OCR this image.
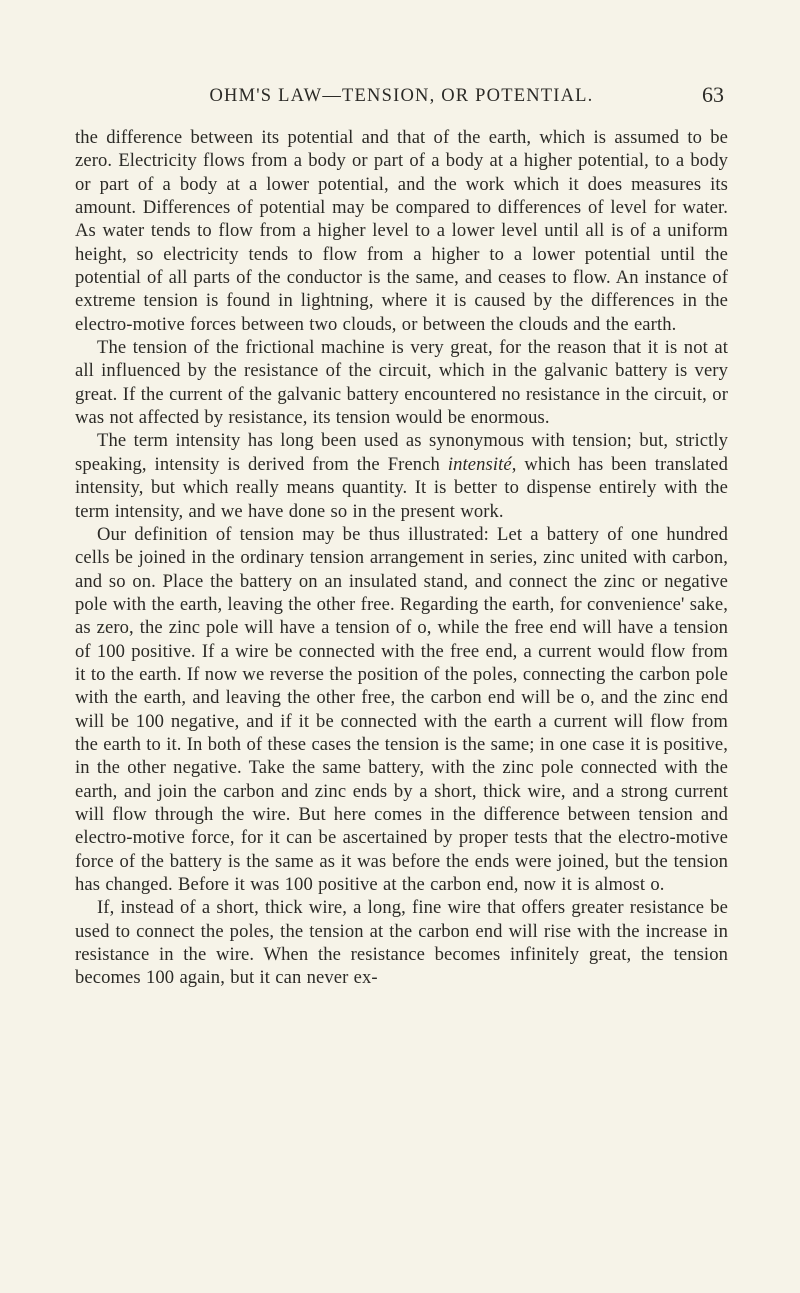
OHM'S LAW—TENSION, OR POTENTIAL.	63

the difference between its potential and that of the earth, which is assumed to be zero. Electricity flows from a body or part of a body at a higher potential, to a body or part of a body at a lower potential, and the work which it does measures its amount. Differences of potential may be compared to differences of level for water. As water tends to flow from a higher level to a lower level until all is of a uniform height, so electricity tends to flow from a higher to a lower potential until the potential of all parts of the conductor is the same, and ceases to flow. An instance of extreme tension is found in lightning, where it is caused by the differences in the electro-motive forces between two clouds, or between the clouds and the earth.

The tension of the frictional machine is very great, for the reason that it is not at all influenced by the resistance of the circuit, which in the galvanic battery is very great. If the current of the galvanic battery encountered no resistance in the circuit, or was not affected by resistance, its tension would be enormous.

The term intensity has long been used as synonymous with tension; but, strictly speaking, intensity is derived from the French intensité, which has been translated intensity, but which really means quantity. It is better to dispense entirely with the term intensity, and we have done so in the present work.

Our definition of tension may be thus illustrated: Let a battery of one hundred cells be joined in the ordinary tension arrangement in series, zinc united with carbon, and so on. Place the battery on an insulated stand, and connect the zinc or negative pole with the earth, leaving the other free. Regarding the earth, for convenience' sake, as zero, the zinc pole will have a tension of o, while the free end will have a tension of 100 positive. If a wire be connected with the free end, a current would flow from it to the earth. If now we reverse the position of the poles, connecting the carbon pole with the earth, and leaving the other free, the carbon end will be o, and the zinc end will be 100 negative, and if it be connected with the earth a current will flow from the earth to it. In both of these cases the tension is the same; in one case it is positive, in the other negative. Take the same battery, with the zinc pole connected with the earth, and join the carbon and zinc ends by a short, thick wire, and a strong current will flow through the wire. But here comes in the difference between tension and electro-motive force, for it can be ascertained by proper tests that the electro-motive force of the battery is the same as it was before the ends were joined, but the tension has changed. Before it was 100 positive at the carbon end, now it is almost o.

If, instead of a short, thick wire, a long, fine wire that offers greater resistance be used to connect the poles, the tension at the carbon end will rise with the increase in resistance in the wire. When the resistance becomes infinitely great, the tension becomes 100 again, but it can never ex-
